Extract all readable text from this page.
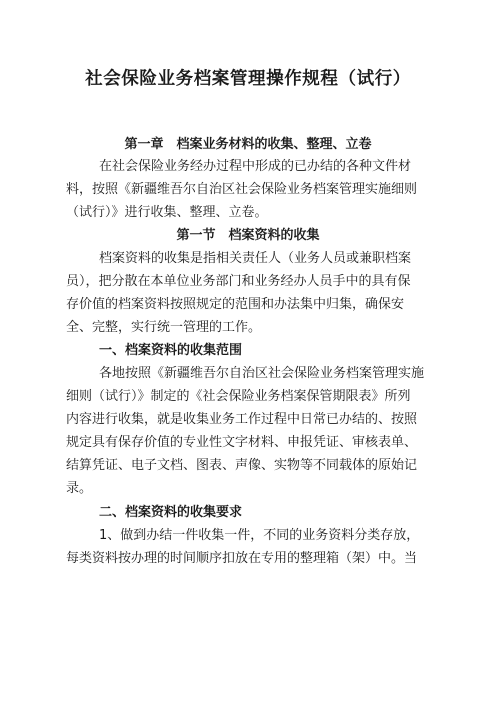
社会保险业务档案管理操作规程（试行）
第一章　档案业务材料的收集、整理、立卷
在社会保险业务经办过程中形成的已办结的各种文件材
料，按照《新疆维吾尔自治区社会保险业务档案管理实施细则
（试行）》进行收集、整理、立卷。
第一节　档案资料的收集
档案资料的收集是指相关责任人（业务人员或兼职档案
员），把分散在本单位业务部门和业务经办人员手中的具有保
存价值的档案资料按照规定的范围和办法集中归集，确保安
全、完整，实行统一管理的工作。
一、档案资料的收集范围
各地按照《新疆维吾尔自治区社会保险业务档案管理实施
细则（试行）》制定的《社会保险业务档案保管期限表》所列
内容进行收集，就是收集业务工作过程中日常已办结的、按照
规定具有保存价值的专业性文字材料、申报凭证、审核表单、
结算凭证、电子文档、图表、声像、实物等不同载体的原始记
录。
二、档案资料的收集要求
1、做到办结一件收集一件，不同的业务资料分类存放，
每类资料按办理的时间顺序扣放在专用的整理箱（架）中。当
